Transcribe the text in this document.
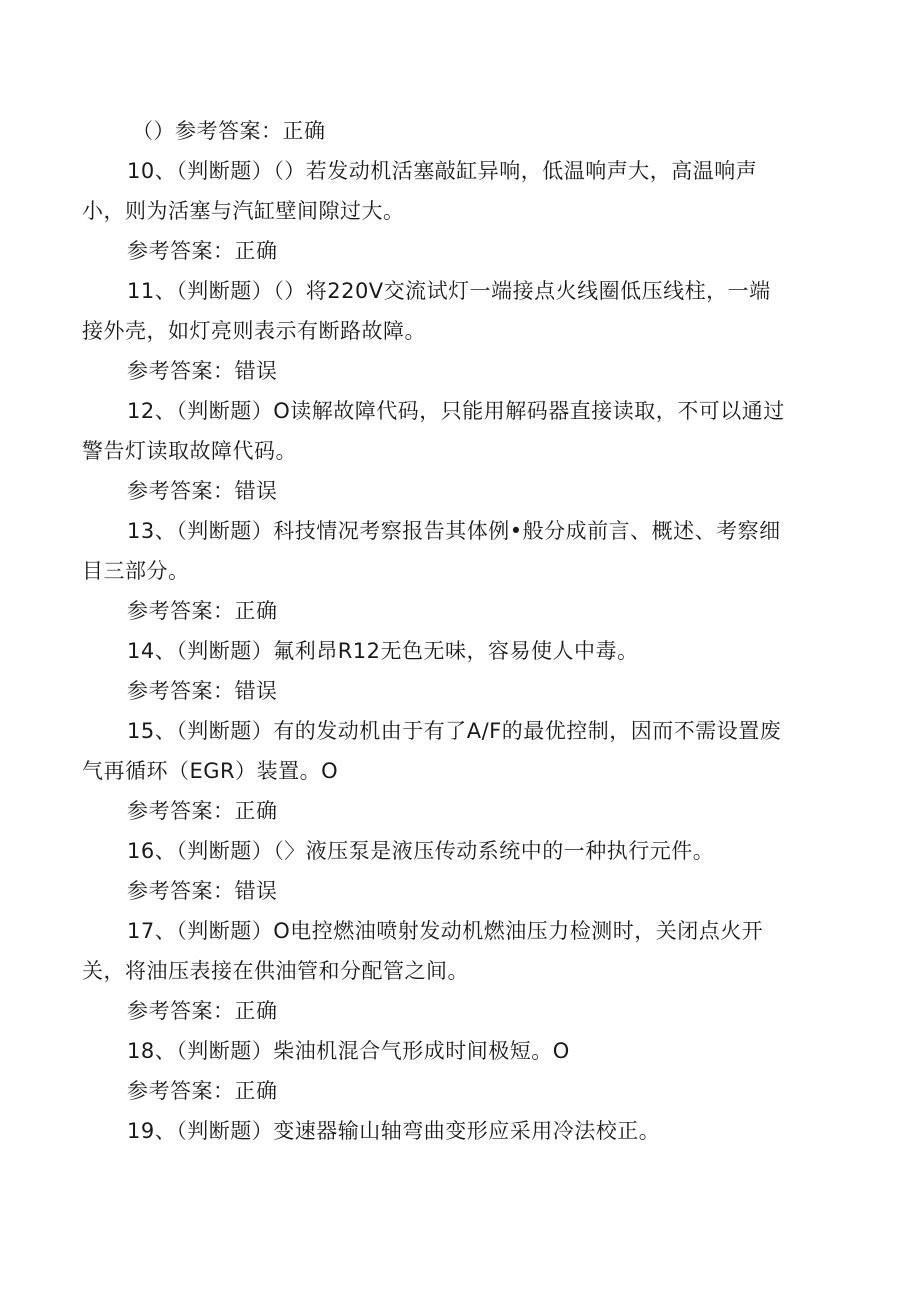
（）参考答案：正确
10、（判断题）（）若发动机活塞敲缸异响，低温响声大，高温响声
小，则为活塞与汽缸壁间隙过大。
参考答案：正确
11、（判断题）（）将220V交流试灯一端接点火线圈低压线柱，一端
接外壳，如灯亮则表示有断路故障。
参考答案：错误
12、（判断题）O读解故障代码，只能用解码器直接读取，不可以通过
警告灯读取故障代码。
参考答案：错误
13、（判断题）科技情况考察报告其体例•般分成前言、概述、考察细
目三部分。
参考答案：正确
14、（判断题）氟利昂R12无色无味，容易使人中毒。
参考答案：错误
15、（判断题）有的发动机由于有了A/F的最优控制，因而不需设置废
气再循环（EGR）装置。O
参考答案：正确
16、（判断题）（〉液压泵是液压传动系统中的一种执行元件。
参考答案：错误
17、（判断题）O电控燃油喷射发动机燃油压力检测时，关闭点火开
关，将油压表接在供油管和分配管之间。
参考答案：正确
18、（判断题）柴油机混合气形成时间极短。O
参考答案：正确
19、（判断题）变速器输山轴弯曲变形应采用冷法校正。
